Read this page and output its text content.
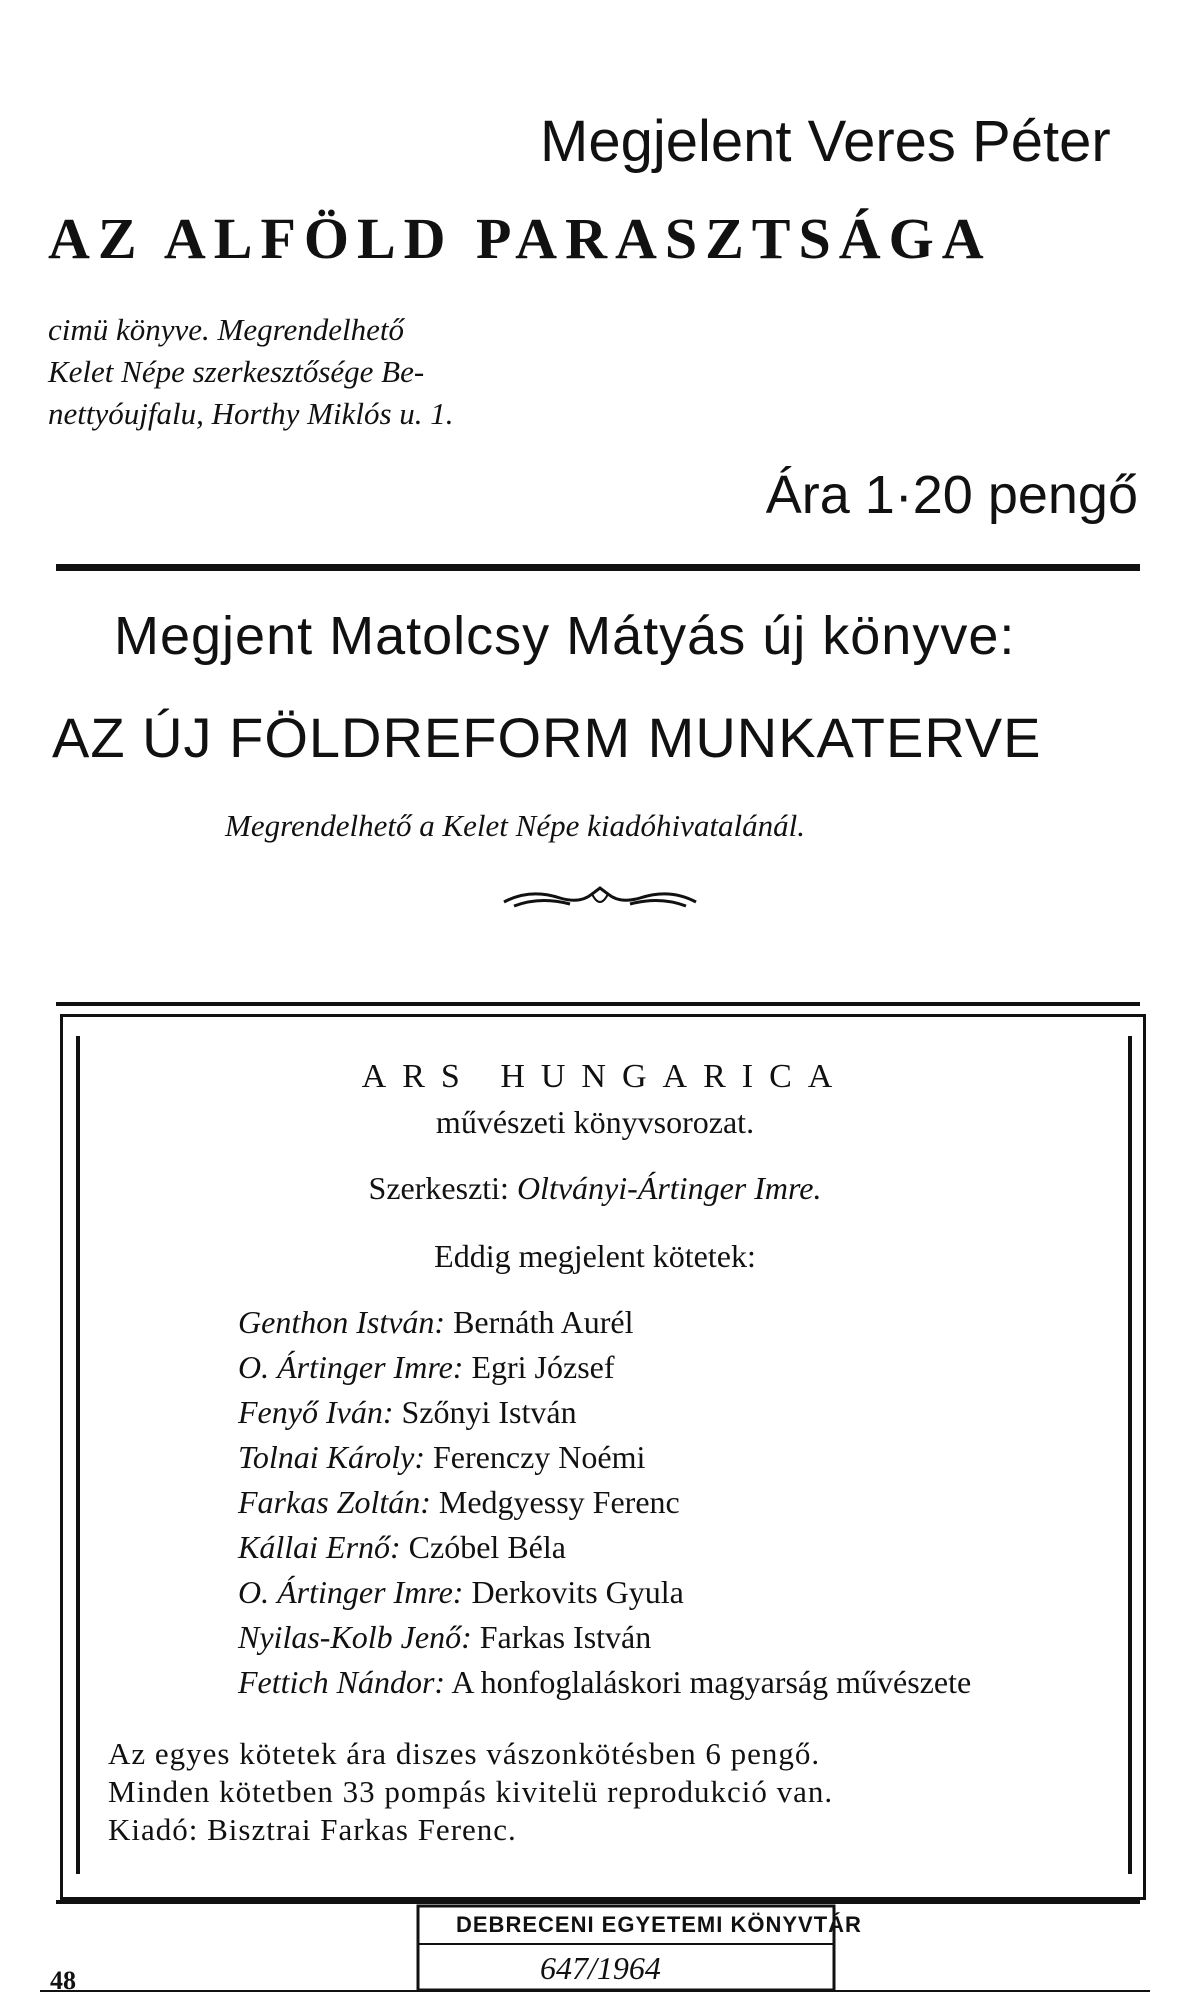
Megjelent Veres Péter
AZ ALFÖLD PARASZTSÁGA
cimü könyve. Megrendelhető
Kelet Népe szerkesztősége Be-
nettyóujfalu, Horthy Miklós u. 1.
Ára 1·20 pengő
Megjent Matolcsy Mátyás új könyve:
AZ ÚJ FÖLDREFORM MUNKATERVE
Megrendelhető a Kelet Népe kiadóhivatalánál.
ARS HUNGARICA
művészeti könyvsorozat.
Szerkeszti: Oltványi-Ártinger Imre.
Eddig megjelent kötetek:
Genthon István: Bernáth Aurél
O. Ártinger Imre: Egri József
Fenyő Iván: Szőnyi István
Tolnai Károly: Ferenczy Noémi
Farkas Zoltán: Medgyessy Ferenc
Kállai Ernő: Czóbel Béla
O. Ártinger Imre: Derkovits Gyula
Nyilas-Kolb Jenő: Farkas István
Fettich Nándor: A honfoglaláskori magyarság művészete
Az egyes kötetek ára diszes vászonkötésben 6 pengő.
Minden kötetben 33 pompás kivitelü reprodukció van.
Kiadó: Bisztrai Farkas Ferenc.
48
DEBRECENI EGYETEMI KÖNYVTÁR
647/1964
